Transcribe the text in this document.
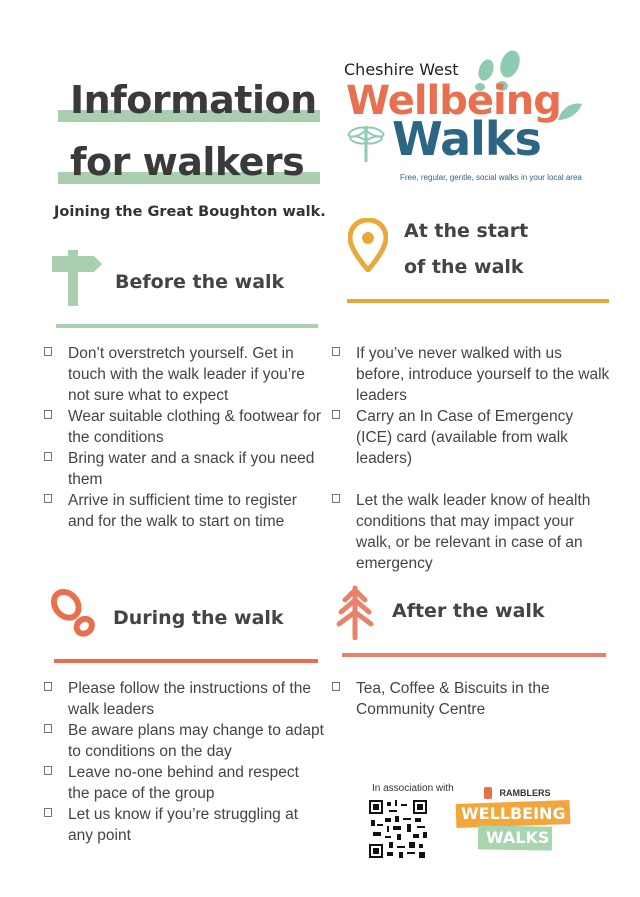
Information
for walkers
Joining the Great Boughton walk.
Cheshire West
Wellbeing
Walks
Free, regular, gentle, social walks in your local area
Before the walk
Don’t overstretch yourself. Get in touch with the walk leader if you’re not sure what to expect
Wear suitable clothing & footwear for the conditions
Bring water and a snack if you need them
Arrive in sufficient time to register and for the walk to start on time
At the start
of the walk
If you’ve never walked with us before, introduce yourself to the walk leaders
Carry an In Case of Emergency (ICE) card (available from walk leaders)
Let the walk leader know of health conditions that may impact your walk, or be relevant in case of an emergency
During the walk
Please follow the instructions of the walk leaders
Be aware plans may change to adapt to conditions on the day
Leave no-one behind and respect the pace of the group
Let us know if you’re struggling at any point
After the walk
Tea, Coffee & Biscuits in the Community Centre
In association with	RAMBLERS
WELLBEING
WALKS
